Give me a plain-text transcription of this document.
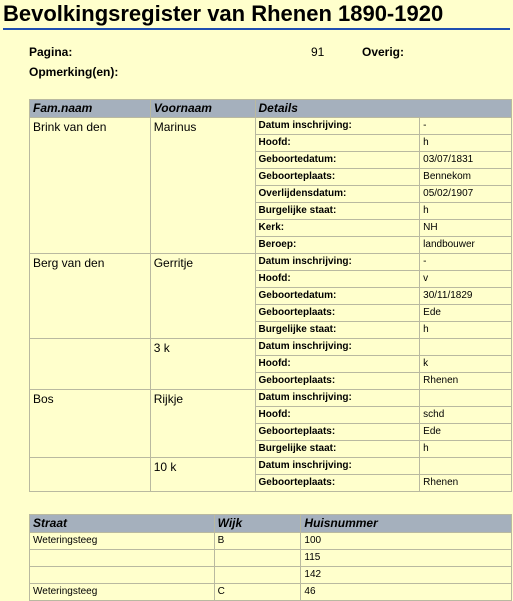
Bevolkingsregister van Rhenen 1890-1920
Pagina:	91	Overig:
Opmerking(en):
Fam.naam	Voornaam	Details	
Brink van den	Marinus	Datum inschrijving:	-
		Hoofd:	h
		Geboortedatum:	03/07/1831
		Geboorteplaats:	Bennekom
		Overlijdensdatum:	05/02/1907
		Burgelijke staat:	h
		Kerk:	NH
		Beroep:	landbouwer
Berg van den	Gerritje	Datum inschrijving:	-
		Hoofd:	v
		Geboortedatum:	30/11/1829
		Geboorteplaats:	Ede
		Burgelijke staat:	h
	3 k	Datum inschrijving:	
		Hoofd:	k
		Geboorteplaats:	Rhenen
Bos	Rijkje	Datum inschrijving:	
		Hoofd:	schd
		Geboorteplaats:	Ede
		Burgelijke staat:	h
	10 k	Datum inschrijving:	
		Geboorteplaats:	Rhenen
Straat	Wijk	Huisnummer
Weteringsteeg	B	100
		115
		142
Weteringsteeg	C	46
